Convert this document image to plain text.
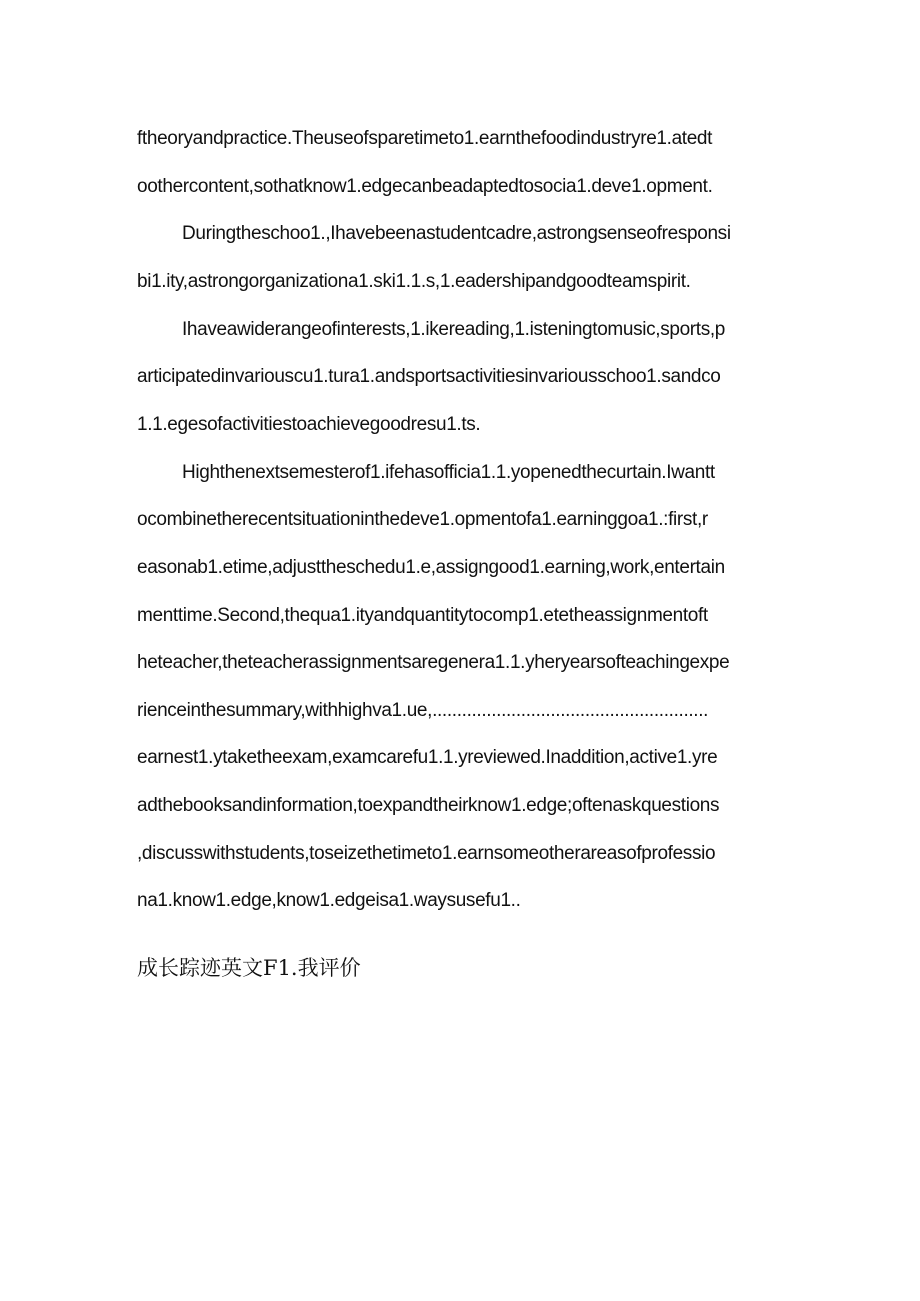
ftheoryandpractice.Theuseofsparetimeto1.earnthefoodindustryre1.atedt
oothercontent,sothatknow1.edgecanbeadaptedtosocia1.deve1.opment.
Duringtheschoo1.,Ihavebeenastudentcadre,astrongsenseofresponsi
bi1.ity,astrongorganizationa1.ski1.1.s,1.eadershipandgoodteamspirit.
Ihaveawiderangeofinterests,1.ikereading,1.isteningtomusic,sports,p
articipatedinvariouscu1.tura1.andsportsactivitiesinvariousschoo1.sandco
1.1.egesofactivitiestoachievegoodresu1.ts.
Highthenextsemesterof1.ifehasofficia1.1.yopenedthecurtain.Iwantt
ocombinetherecentsituationinthedeve1.opmentofa1.earninggoa1.:first,r
easonab1.etime,adjusttheschedu1.e,assigngood1.earning,work,entertain
menttime.Second,thequa1.ityandquantitytocomp1.etetheassignmentoft
heteacher,theteacherassignmentsaregenera1.1.yheryearsofteachingexpe
rienceinthesummary,withhighva1.ue,........................................................
earnest1.ytaketheexam,examcarefu1.1.yreviewed.Inaddition,active1.yre
adthebooksandinformation,toexpandtheirknow1.edge;oftenaskquestions
,discusswithstudents,toseizethetimeto1.earnsomeotherareasofprofessio
na1.know1.edge,know1.edgeisa1.waysusefu1..
成长踪迹英文F1.我评价
